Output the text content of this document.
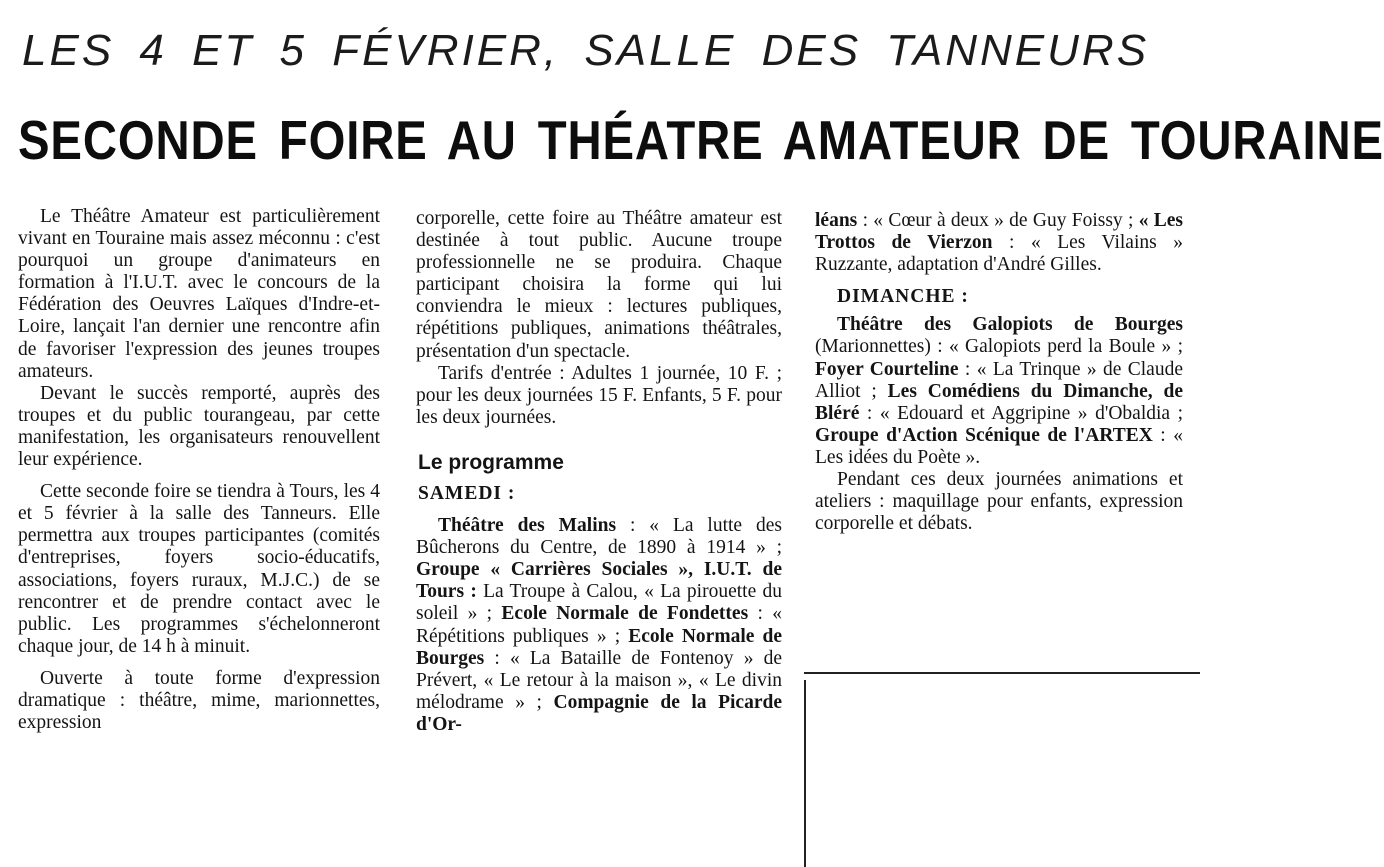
LES 4 ET 5 FÉVRIER, SALLE DES TANNEURS
SECONDE FOIRE AU THÉATRE AMATEUR DE TOURAINE

Le Théâtre Amateur est particulièrement vivant en Touraine mais assez méconnu : c'est pourquoi un groupe d'animateurs en formation à l'I.U.T. avec le concours de la Fédération des Oeuvres Laïques d'Indre-et-Loire, lançait l'an dernier une rencontre afin de favoriser l'expression des jeunes troupes amateurs.

Devant le succès remporté, auprès des troupes et du public tourangeau, par cette manifestation, les organisateurs renouvellent leur expérience.

Cette seconde foire se tiendra à Tours, les 4 et 5 février à la salle des Tanneurs. Elle permettra aux troupes participantes (comités d'entreprises, foyers socio-éducatifs, associations, foyers ruraux, M.J.C.) de se rencontrer et de prendre contact avec le public. Les programmes s'échelonneront chaque jour, de 14 h à minuit.

Ouverte à toute forme d'expression dramatique : théâtre, mime, marionnettes, expression

corporelle, cette foire au Théâtre amateur est destinée à tout public. Aucune troupe professionnelle ne se produira. Chaque participant choisira la forme qui lui conviendra le mieux : lectures publiques, répétitions publiques, animations théâtrales, présentation d'un spectacle.

Tarifs d'entrée : Adultes 1 journée, 10 F. ; pour les deux journées 15 F. Enfants, 5 F. pour les deux journées.

Le programme
SAMEDI :

Théâtre des Malins : « La lutte des Bûcherons du Centre, de 1890 à 1914 » ; Groupe « Carrières Sociales », I.U.T. de Tours : La Troupe à Calou, « La pirouette du soleil » ; Ecole Normale de Fondettes : « Répétitions publiques » ; Ecole Normale de Bourges : « La Bataille de Fontenoy » de Prévert, « Le retour à la maison », « Le divin mélodrame » ; Compagnie de la Picarde d'Or-

léans : « Cœur à deux » de Guy Foissy ; « Les Trottos de Vierzon : « Les Vilains » Ruzzante, adaptation d'André Gilles.

DIMANCHE :

Théâtre des Galopiots de Bourges (Marionnettes) : « Galopiots perd la Boule » ; Foyer Courteline : « La Trinque » de Claude Alliot ; Les Comédiens du Dimanche, de Bléré : « Edouard et Aggripine » d'Obaldia ; Groupe d'Action Scénique de l'ARTEX : « Les idées du Poète ».

Pendant ces deux journées animations et ateliers : maquillage pour enfants, expression corporelle et débats.
